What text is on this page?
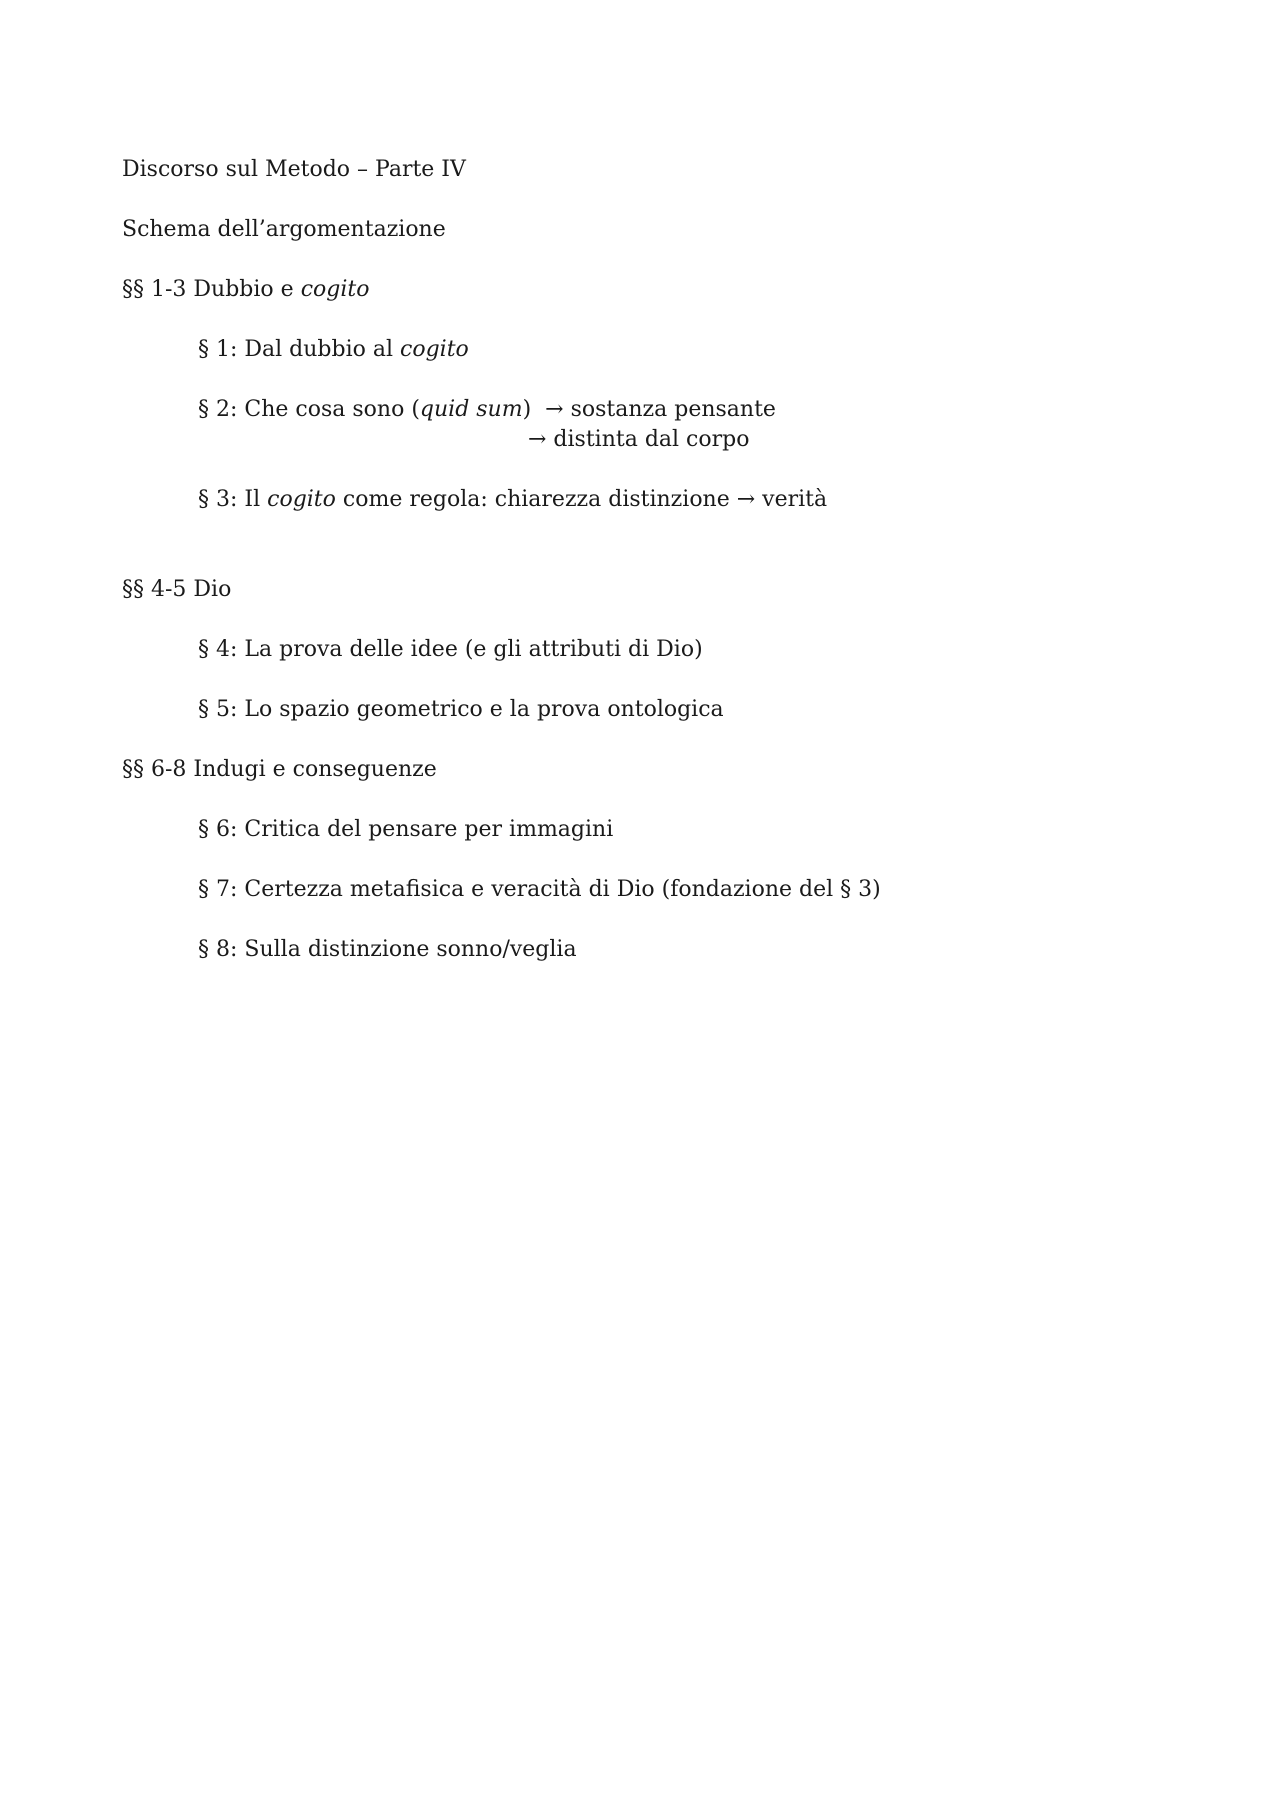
Discorso sul Metodo – Parte IV
Schema dell’argomentazione
§§ 1-3 Dubbio e cogito
§ 1: Dal dubbio al cogito
§ 2: Che cosa sono (quid sum)  → sostanza pensante
→ distinta dal corpo
§ 3: Il cogito come regola: chiarezza distinzione → verità
§§ 4-5 Dio
§ 4: La prova delle idee (e gli attributi di Dio)
§ 5: Lo spazio geometrico e la prova ontologica
§§ 6-8 Indugi e conseguenze
§ 6: Critica del pensare per immagini
§ 7: Certezza metafisica e veracità di Dio (fondazione del § 3)
§ 8: Sulla distinzione sonno/veglia
